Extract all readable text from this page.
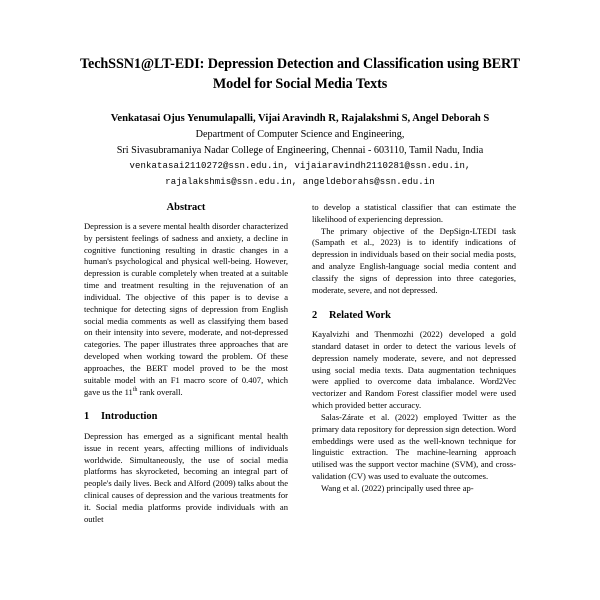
TechSSN1@LT-EDI: Depression Detection and Classification using BERT Model for Social Media Texts

Venkatasai Ojus Yenumulapalli, Vijai Aravindh R, Rajalakshmi S, Angel Deborah S

Department of Computer Science and Engineering,

Sri Sivasubramaniya Nadar College of Engineering, Chennai - 603110, Tamil Nadu, India

venkatasai2110272@ssn.edu.in, vijaiaravindh2110281@ssn.edu.in,

rajalakshmis@ssn.edu.in, angeldeborahs@ssn.edu.in

Abstract

Depression is a severe mental health disorder characterized by persistent feelings of sadness and anxiety, a decline in cognitive functioning resulting in drastic changes in a human's psychological and physical well-being. However, depression is curable completely when treated at a suitable time and treatment resulting in the rejuvenation of an individual. The objective of this paper is to devise a technique for detecting signs of depression from English social media comments as well as classifying them based on their intensity into severe, moderate, and not-depressed categories. The paper illustrates three approaches that are developed when working toward the problem. Of these approaches, the BERT model proved to be the most suitable model with an F1 macro score of 0.407, which gave us the 11th rank overall.

1 Introduction

Depression has emerged as a significant mental health issue in recent years, affecting millions of individuals worldwide. Simultaneously, the use of social media platforms has skyrocketed, becoming an integral part of people's daily lives. Beck and Alford (2009) talks about the clinical causes of depression and the various treatments for it. Social media platforms provide individuals with an outlet

to develop a statistical classifier that can estimate the likelihood of experiencing depression.

The primary objective of the DepSign-LTEDI task (Sampath et al., 2023) is to identify indications of depression in individuals based on their social media posts, and analyze English-language social media content and classify the signs of depression into three categories, moderate, severe, and not depressed.

2 Related Work

Kayalvizhi and Thenmozhi (2022) developed a gold standard dataset in order to detect the various levels of depression namely moderate, severe, and not depressed using social media texts. Data augmentation techniques were applied to overcome data imbalance. Word2Vec vectorizer and Random Forest classifier model were used which provided better accuracy.

Salas-Zárate et al. (2022) employed Twitter as the primary data repository for depression sign detection. Word embeddings were used as the well-known technique for linguistic extraction. The machine-learning approach utilised was the support vector machine (SVM), and cross-validation (CV) was used to evaluate the outcomes.

Wang et al. (2022) principally used three ap-
